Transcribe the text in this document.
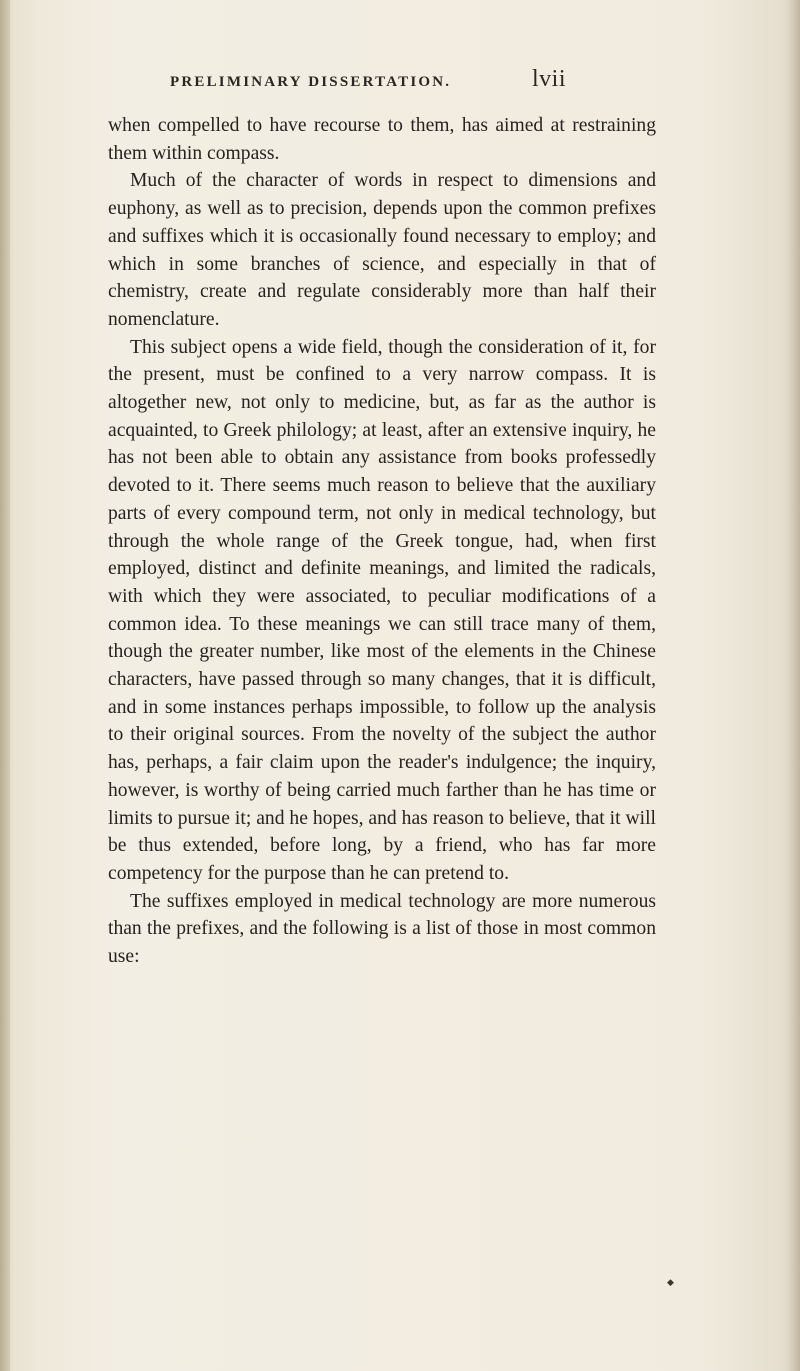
PRELIMINARY DISSERTATION.	lvii

when compelled to have recourse to them, has aimed at restraining them within compass.

Much of the character of words in respect to dimensions and euphony, as well as to precision, depends upon the common prefixes and suffixes which it is occasionally found necessary to employ; and which in some branches of science, and especially in that of chemistry, create and regulate considerably more than half their nomenclature.

This subject opens a wide field, though the consideration of it, for the present, must be confined to a very narrow compass. It is altogether new, not only to medicine, but, as far as the author is acquainted, to Greek philology; at least, after an extensive inquiry, he has not been able to obtain any assistance from books professedly devoted to it. There seems much reason to believe that the auxiliary parts of every compound term, not only in medical technology, but through the whole range of the Greek tongue, had, when first employed, distinct and definite meanings, and limited the radicals, with which they were associated, to peculiar modifications of a common idea. To these meanings we can still trace many of them, though the greater number, like most of the elements in the Chinese characters, have passed through so many changes, that it is difficult, and in some instances perhaps impossible, to follow up the analysis to their original sources. From the novelty of the subject the author has, perhaps, a fair claim upon the reader's indulgence; the inquiry, however, is worthy of being carried much farther than he has time or limits to pursue it; and he hopes, and has reason to believe, that it will be thus extended, before long, by a friend, who has far more competency for the purpose than he can pretend to.

The suffixes employed in medical technology are more numerous than the prefixes, and the following is a list of those in most common use:

◆
